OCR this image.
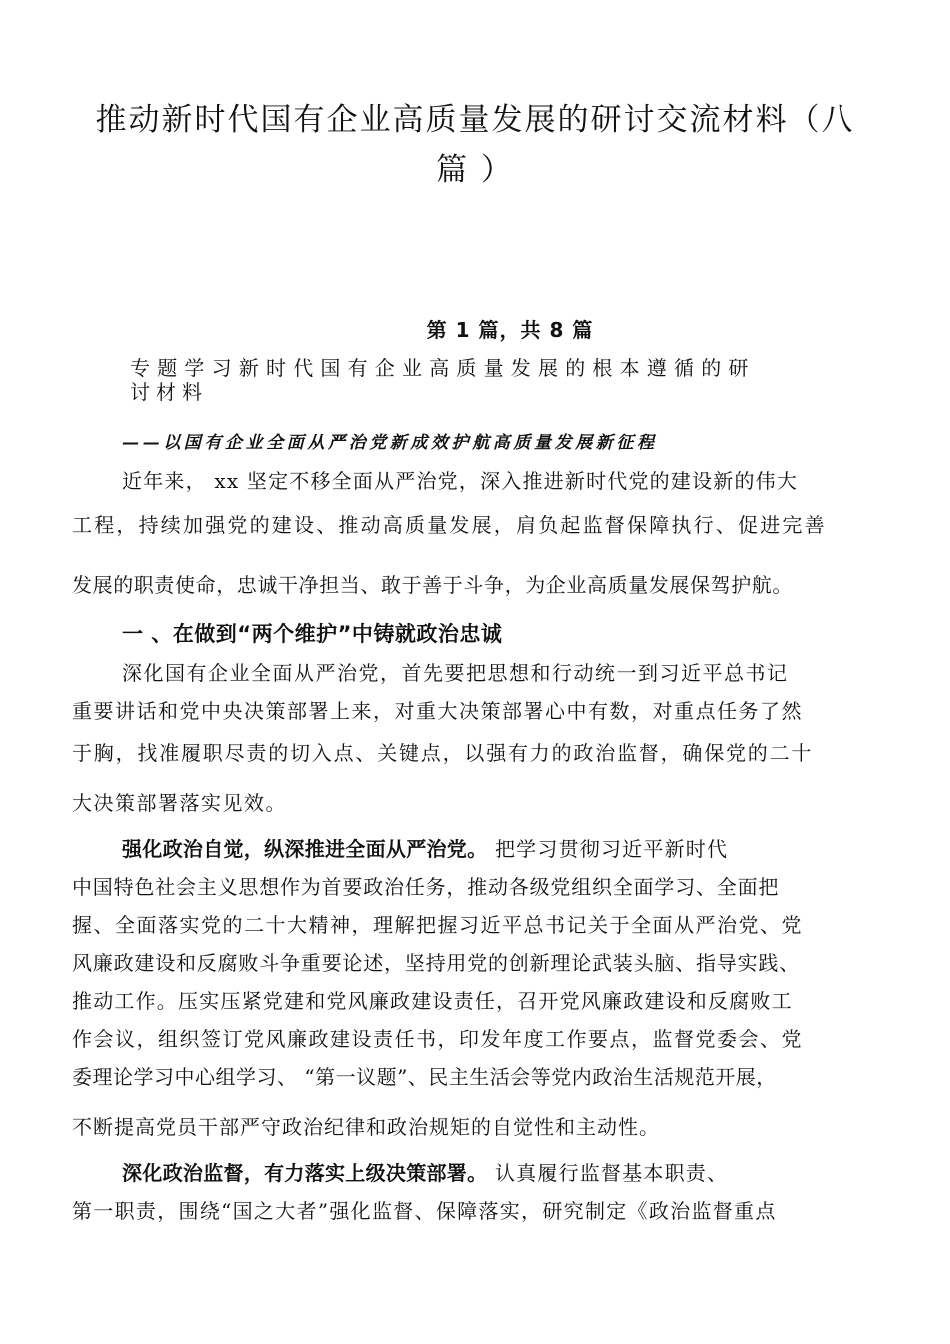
推动新时代国有企业高质量发展的研讨交流材料（八
篇 ）
第 1 篇，共 8 篇
专题学习新时代国有企业高质量发展的根本遵循的研
讨材料
——以国有企业全面从严治党新成效护航高质量发展新征程
近年来， xx 坚定不移全面从严治党，深入推进新时代党的建设新的伟大
工程，持续加强党的建设、推动高质量发展，肩负起监督保障执行、促进完善
发展的职责使命，忠诚干净担当、敢于善于斗争，为企业高质量发展保驾护航。
一 、在做到“两个维护”中铸就政治忠诚
深化国有企业全面从严治党，首先要把思想和行动统一到习近平总书记
重要讲话和党中央决策部署上来，对重大决策部署心中有数，对重点任务了然
于胸，找准履职尽责的切入点、关键点，以强有力的政治监督，确保党的二十
大决策部署落实见效。
强化政治自觉，纵深推进全面从严治党。 把学习贯彻习近平新时代
中国特色社会主义思想作为首要政治任务，推动各级党组织全面学习、全面把
握、全面落实党的二十大精神，理解把握习近平总书记关于全面从严治党、党
风廉政建设和反腐败斗争重要论述，坚持用党的创新理论武装头脑、指导实践、
推动工作。压实压紧党建和党风廉政建设责任，召开党风廉政建设和反腐败工
作会议，组织签订党风廉政建设责任书，印发年度工作要点，监督党委会、党
委理论学习中心组学习、 “第一议题”、民主生活会等党内政治生活规范开展，
不断提高党员干部严守政治纪律和政治规矩的自觉性和主动性。
深化政治监督，有力落实上级决策部署。 认真履行监督基本职责、
第一职责，围绕“国之大者”强化监督、保障落实，研究制定《政治监督重点
